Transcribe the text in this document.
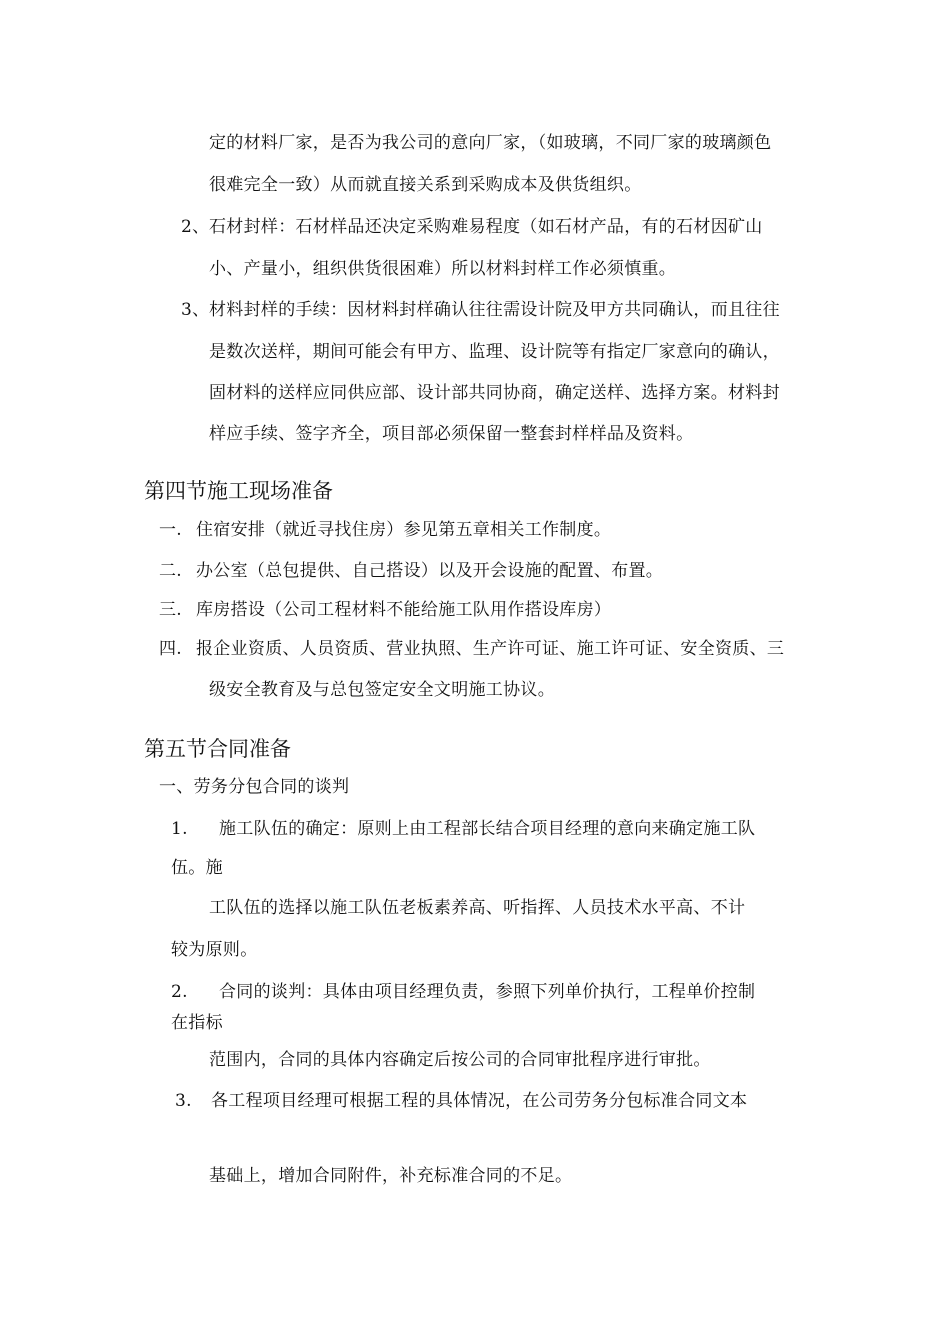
定的材料厂家，是否为我公司的意向厂家，（如玻璃，不同厂家的玻璃颜色
很难完全一致）从而就直接关系到采购成本及供货组织。
2、 石材封样：石材样品还决定采购难易程度（如石材产品，有的石材因矿山
小、产量小，组织供货很困难）所以材料封样工作必须慎重。
3、 材料封样的手续：因材料封样确认往往需设计院及甲方共同确认，而且往往
是数次送样，期间可能会有甲方、监理、设计院等有指定厂家意向的确认，
固材料的送样应同供应部、设计部共同协商，确定送样、选择方案。材料封
样应手续、签字齐全，项目部必须保留一整套封样样品及资料。
第四节施工现场准备
一. 住宿安排（就近寻找住房）参见第五章相关工作制度。
二. 办公室（总包提供、自己搭设）以及开会设施的配置、布置。
三. 库房搭设（公司工程材料不能给施工队用作搭设库房）
四. 报企业资质、人员资质、营业执照、生产许可证、施工许可证、安全资质、三
级安全教育及与总包签定安全文明施工协议。
第五节合同准备
一、劳务分包合同的谈判
1. 施工队伍的确定：原则上由工程部长结合项目经理的意向来确定施工队
伍。施
工队伍的选择以施工队伍老板素养高、听指挥、人员技术水平高、不计
较为原则。
2. 合同的谈判：具体由项目经理负责，参照下列单价执行，工程单价控制
在指标
范围内，合同的具体内容确定后按公司的合同审批程序进行审批。
3. 各工程项目经理可根据工程的具体情况，在公司劳务分包标准合同文本
基础上，增加合同附件，补充标准合同的不足。
